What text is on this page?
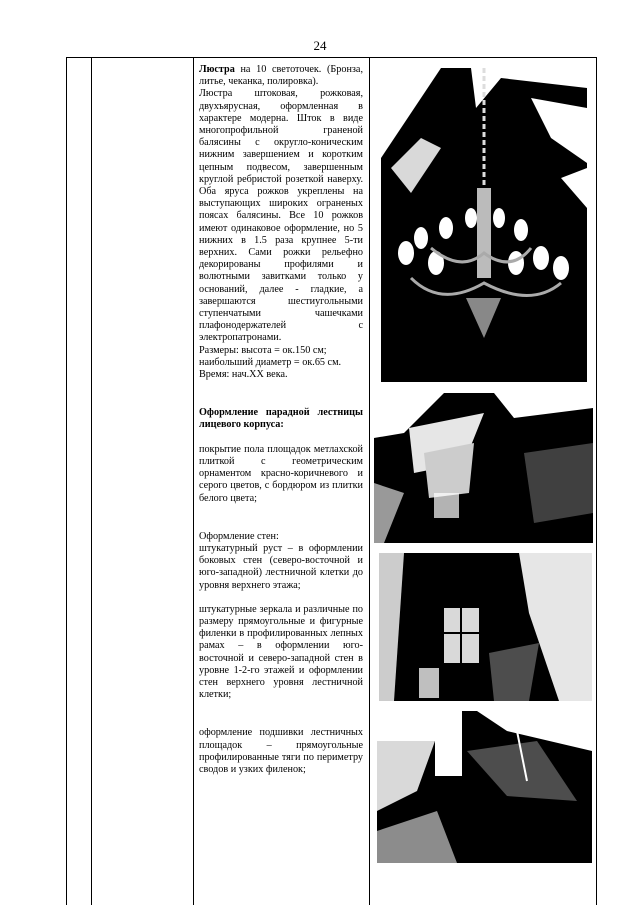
24

Люстра на 10 светоточек. (Бронза, литье, чеканка, полировка).

Люстра штоковая, рожковая, двухъярусная, оформленная в характере модерна. Шток в виде многопрофильной граненой балясины с округло-коническим нижним завершением и коротким цепным подвесом, завершенным круглой ребристой розеткой наверху. Оба яруса рожков укреплены на выступающих широких ограненых поясах балясины. Все 10 рожков имеют одинаковое оформление, но 5 нижних в 1.5 раза крупнее 5-ти верхних. Сами рожки рельефно декорированы профилями и волютными завитками только у оснований, далее - гладкие, а завершаются шестиугольными ступенчатыми чашечками плафонодержателей с электропатронами.

Размеры: высота = ок.150 см;

наибольший диаметр = ок.65 см.

Время: нач.XX века.

Оформление парадной лестницы лицевого корпуса:

покрытие пола площадок метлахской плиткой с геометрическим орнаментом красно-коричневого и серого цветов, с бордюром из плитки белого цвета;

Оформление стен:

штукатурный руст – в оформлении боковых стен (северо-восточной и юго-западной) лестничной клетки до уровня верхнего этажа;

штукатурные зеркала и различные по размеру прямоугольные и фигурные филенки в профилированных лепных рамах – в оформлении юго-восточной и северо-западной стен в уровне 1-2-го этажей и оформлении стен верхнего уровня лестничной клетки;

оформление подшивки лестничных площадок – прямоугольные профилированные тяги по периметру сводов и узких филенок;
